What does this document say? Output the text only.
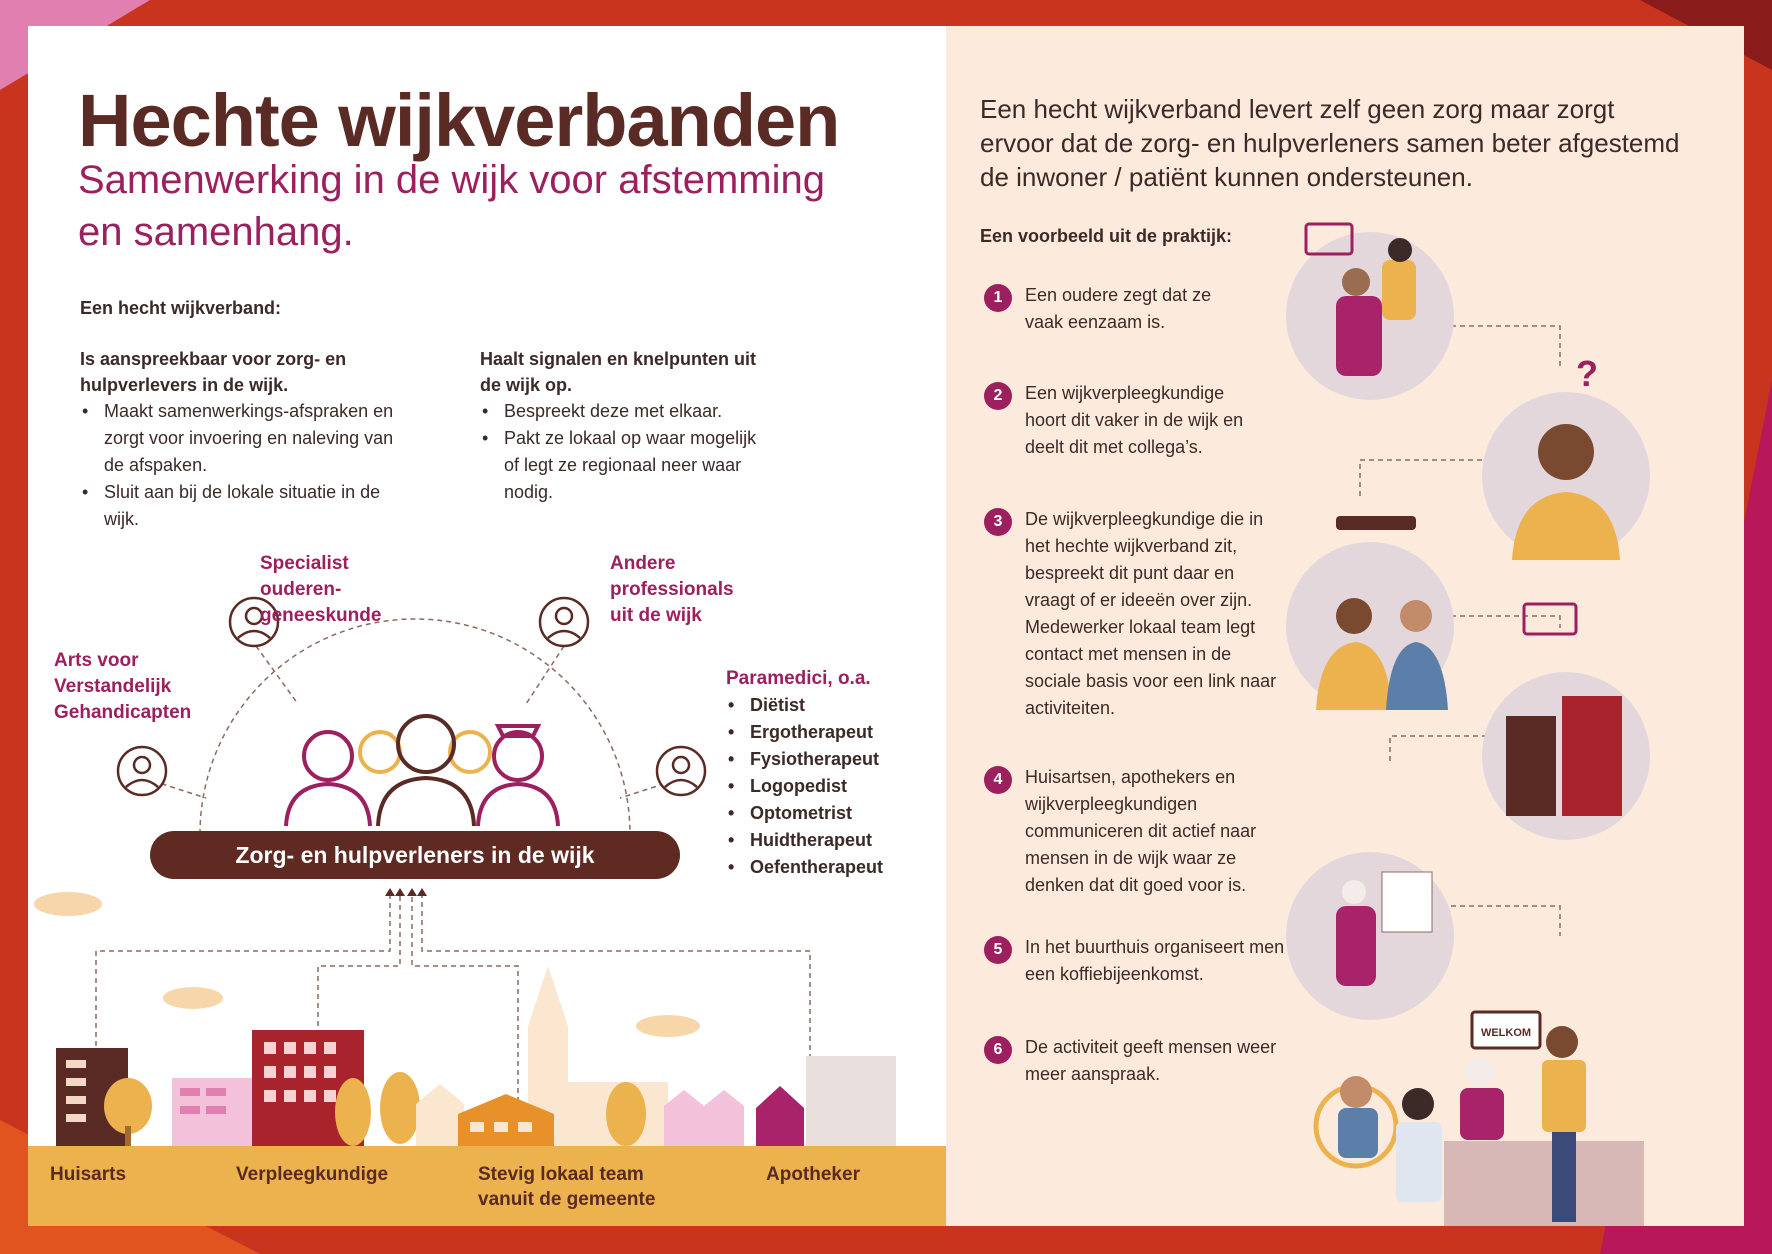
Hechte wijkverbanden
Samenwerking in de wijk voor afstemming en samenhang.
Een hecht wijkverband:
Is aanspreekbaar voor zorg- en hulpverlevers in de wijk.
• Maakt samenwerkings-afspraken en zorgt voor invoering en naleving van de afspaken.
• Sluit aan bij de lokale situatie in de wijk.
Haalt signalen en knelpunten uit de wijk op.
• Bespreekt deze met elkaar.
• Pakt ze lokaal op waar mogelijk of legt ze regionaal neer waar nodig.
Specialist ouderen-geneeskunde
Andere professionals uit de wijk
Arts voor Verstandelijk Gehandicapten
Paramedici, o.a.
• Diëtist
• Ergotherapeut
• Fysiotherapeut
• Logopedist
• Optometrist
• Huidtherapeut
• Oefentherapeut
Zorg- en hulpverleners in de wijk
Huisarts	Verpleegkundige	Stevig lokaal team vanuit de gemeente
Apotheker
Een hecht wijkverband levert zelf geen zorg maar zorgt ervoor dat de zorg- en hulpverleners samen beter afgestemd de inwoner / patiënt kunnen ondersteunen.
Een voorbeeld uit de praktijk:
1	Een oudere zegt dat ze vaak eenzaam is.
2	Een wijkverpleegkundige hoort dit vaker in de wijk en deelt dit met collega’s.
3	De wijkverpleegkundige die in het hechte wijkverband zit, bespreekt dit punt daar en vraagt of er ideeën over zijn. Medewerker lokaal team legt contact met mensen in de sociale basis voor een link naar activiteiten.
4	Huisartsen, apothekers en wijkverpleegkundigen communiceren dit actief naar mensen in de wijk waar ze denken dat dit goed voor is.
5	In het buurthuis organiseert men een koffiebijeenkomst.
6	De activiteit geeft mensen weer meer aanspraak.
?
WELKOM
